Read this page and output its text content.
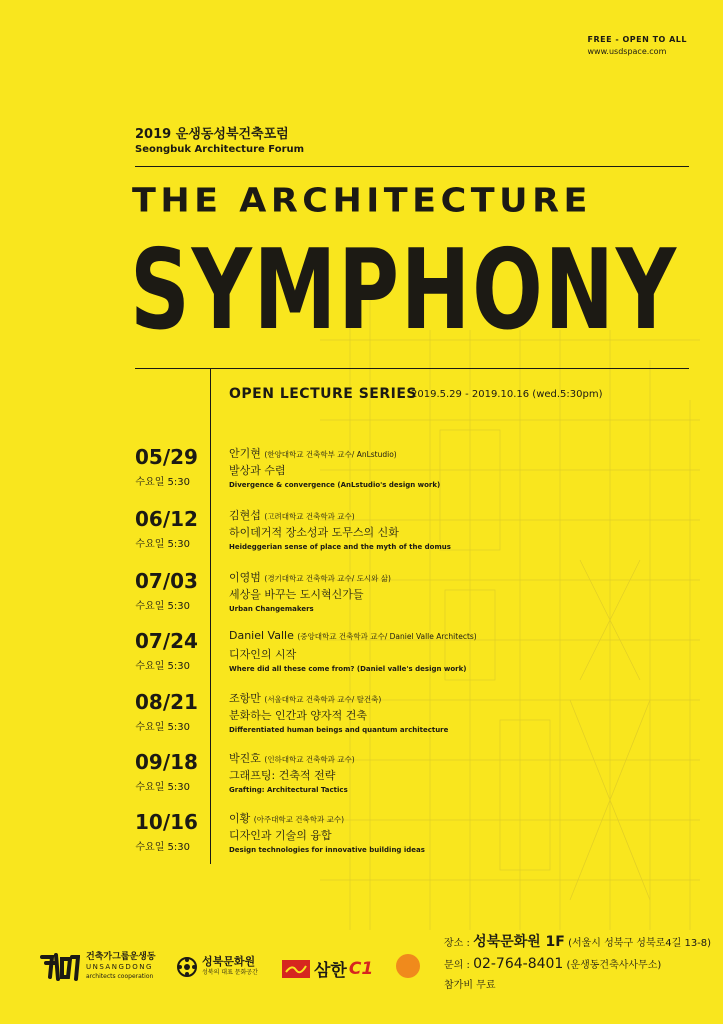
FREE - OPEN TO ALL
www.usdspace.com
2019 운생동성북건축포럼
Seongbuk Architecture Forum
THE ARCHITECTURE
SYMPHONY
OPEN LECTURE SERIES
2019.5.29 - 2019.10.16 (wed.5:30pm)
05/29
수요일 5:30
안기현 (한양대학교 건축학부 교수/ AnLstudio)
발상과 수렴
Divergence & convergence (AnLstudio's design work)
06/12
수요일 5:30
김현섭 (고려대학교 건축학과 교수)
하이데거적 장소성과 도무스의 신화
Heideggerian sense of place and the myth of the domus
07/03
수요일 5:30
이영범 (경기대학교 건축학과 교수/ 도시와 삶)
세상을 바꾸는 도시혁신가들
Urban Changemakers
07/24
수요일 5:30
Daniel Valle (중앙대학교 건축학과 교수/ Daniel Valle Architects)
디자인의 시작
Where did all these come from? (Daniel valle's design work)
08/21
수요일 5:30
조항만 (서울대학교 건축학과 교수/ 탈건축)
분화하는 인간과 양자적 건축
Differentiated human beings and quantum architecture
09/18
수요일 5:30
박진호 (인하대학교 건축학과 교수)
그래프팅: 건축적 전략
Grafting: Architectural Tactics
10/16
수요일 5:30
이황 (아주대학교 건축학과 교수)
디자인과 기술의 융합
Design technologies for innovative building ideas
건축가그룹운생동
UNSANGDONG
architects cooperation
성북문화원
성북의 대표 문화공간	삼한 C1
장소 : 성북문화원 1F (서울시 성북구 성북로4길 13-8)
문의 : 02-764-8401 (운생동건축사사무소)
참가비 무료
